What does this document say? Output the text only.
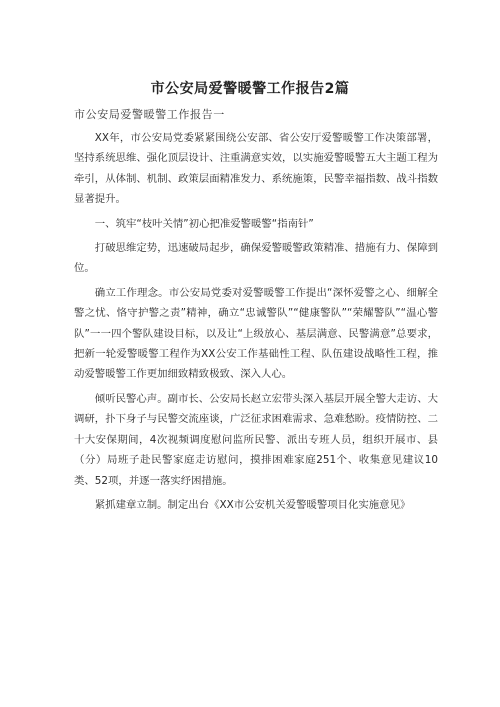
市公安局爱警暖警工作报告2篇
市公安局爱警暖警工作报告一

XX年，市公安局党委紧紧围绕公安部、省公安厅爱警暖警工作决策部署，坚持系统思维、强化顶层设计、注重满意实效，以实施爱警暖警五大主题工程为牵引，从体制、机制、政策层面精准发力、系统施策，民警幸福指数、战斗指数显著提升。

一、筑牢“枝叶关情”初心把准爱警暖警“指南针”

打破思维定势，迅速破局起步，确保爱警暖警政策精准、措施有力、保障到位。

确立工作理念。市公安局党委对爱警暖警工作提出“深怀爱警之心、细解全警之忧、恪守护警之责”精神，确立“忠诚警队”“健康警队”“荣耀警队”“温心警队”一一四个警队建设目标，以及让“上级放心、基层满意、民警满意”总要求，把新一轮爱警暖警工程作为XX公安工作基础性工程、队伍建设战略性工程，推动爱警暖警工作更加细致精致极致、深入人心。

倾听民警心声。副市长、公安局长赵立宏带头深入基层开展全警大走访、大调研，扑下身子与民警交流座谈，广泛征求困难需求、急难愁盼。疫情防控、二十大安保期间，4次视频调度慰问监所民警、派出专班人员，组织开展市、县（分）局班子赴民警家庭走访慰问，摸排困难家庭251个、收集意见建议10类、52项，并逐一落实纾困措施。

紧抓建章立制。制定出台《XX市公安机关爱警暖警项目化实施意见》
